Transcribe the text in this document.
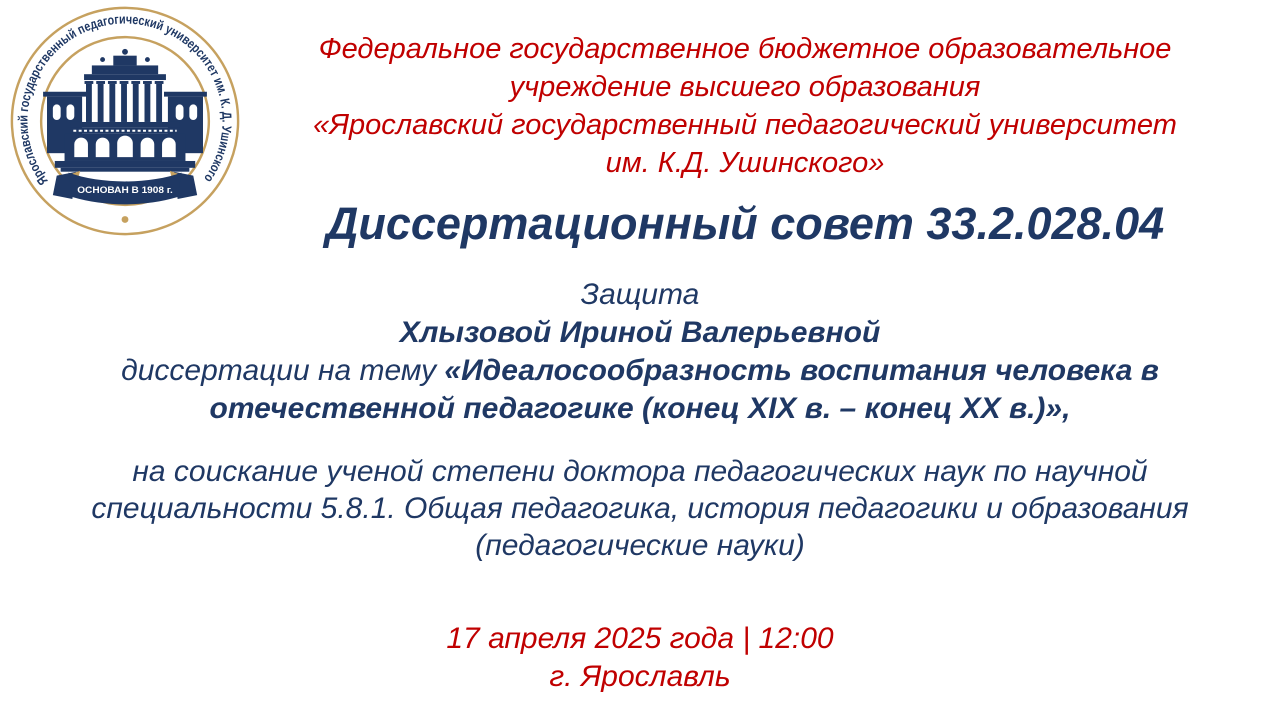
Ярославский государственный педагогический университет им. К. Д. Ушинского
ОСНОВАН В 1908 г.
Федеральное государственное бюджетное образовательное
учреждение высшего образования
«Ярославский государственный педагогический университет
им. К.Д. Ушинского»
Диссертационный совет 33.2.028.04
Защита
Хлызовой Ириной Валерьевной
диссертации на тему «Идеалосообразность воспитания человека в
отечественной педагогике (конец XIX в. – конец XX в.)»,
на соискание ученой степени доктора педагогических наук по научной
специальности 5.8.1. Общая педагогика, история педагогики и образования
(педагогические науки)
17 апреля 2025 года | 12:00
г. Ярославль
